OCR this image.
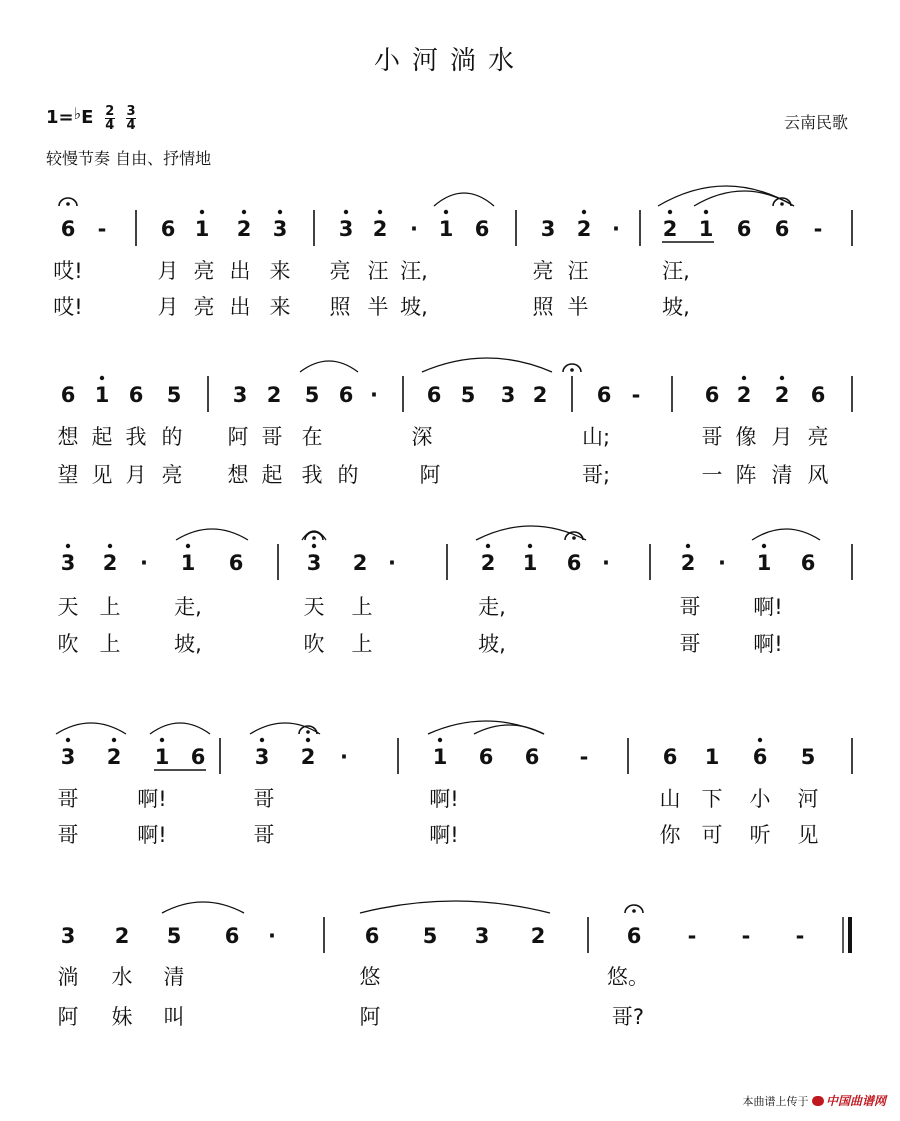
小河淌水
1=♭E $\frac{2}{4}$
$\frac{3}{4}$
较慢节奏 自由、抒情地
云南民歌
6 -	6 1 2 3 3 2 · 1 6 3 2 · 2 1 6 6 -
哎!	月 亮 出 来 亮 汪 汪,	亮 汪	汪,
哎!	月 亮 出 来 照 半 坡,	照 半	坡,
6 1 6 5 3 2 5 6 · 6 5 3 2 6 -	6 2 2 6
想 起 我 的 阿 哥 在	深	山;	哥 像 月 亮
望 见 月 亮 想 起 我 的	阿	哥;	一 阵 清 风
3 2 · 1 6	3 2 ·	2 1 6 ·	2 · 1 6
天 上	走,	天 上	走,	哥	啊!
吹 上	坡,	吹 上	坡,	哥	啊!
3 2 1 6 3 2 ·	1 6 6 -	6 1 6 5
哥	啊!	哥	啊!	山 下 小 河
哥	啊!	哥	啊!	你 可 听 见
3 2 5 6 ·	6 5 3 2	6 - - -
淌 水 清	悠	悠。
阿 妹 叫	阿	哥?
本曲谱上传于 中国曲谱网
